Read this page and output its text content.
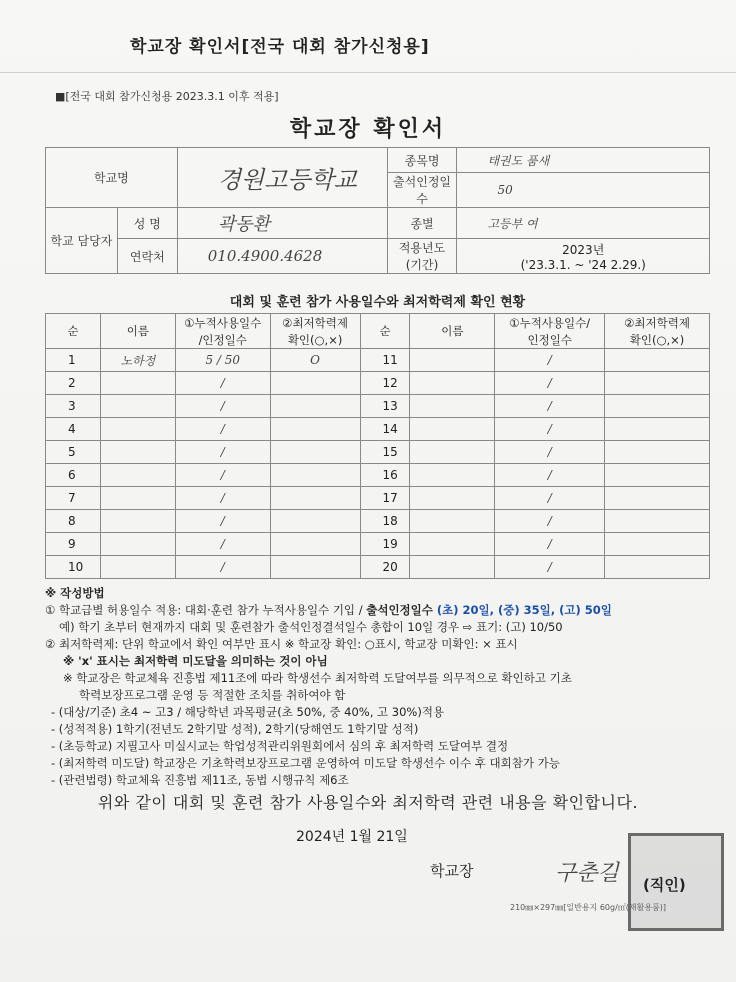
학교장 확인서[전국 대회 참가신청용]
■[전국 대회 참가신청용 2023.3.1 이후 적용]
학교장 확인서
학교명		경원고등학교	종목명	태권도 품새
			출석인정일수	50
학교 담당자	성 명	곽동환	종별	고등부 여
	연락처	010.4900.4628	적용년도 (기간)	2023년
('23.3.1. ~ '24 2.29.)
대회 및 훈련 참가 사용일수와 최저학력제 확인 현황
순	이름	①누적사용일수	②최저학력제	순	이름	①누적사용일수/	②최저학력제
		/인정일수	확인(○,×)			인정일수	확인(○,×)
1	노하정	5 / 50	O	11		/	
2		/		12		/	
3		/		13		/	
4		/		14		/	
5		/		15		/	
6		/		16		/	
7		/		17		/	
8		/		18		/	
9		/		19		/	
10		/		20		/	
※ 작성방법
① 학교급별 허용일수 적용: 대회·훈련 참가 누적사용일수 기입 / 출석인정일수 (초) 20일, (중) 35일, (고) 50일
예) 학기 초부터 현재까지 대회 및 훈련참가 출석인정결석일수 총합이 10일 경우 ⇨ 표기: (고) 10/50
② 최저학력제: 단위 학교에서 확인 여부만 표시 ※ 학교장 확인: ○표시, 학교장 미확인: × 표시
※ 'x' 표시는 최저학력 미도달을 의미하는 것이 아님
※ 학교장은 학교체육 진흥법 제11조에 따라 학생선수 최저학력 도달여부를 의무적으로 확인하고 기초
학력보장프로그램 운영 등 적절한 조치를 취하여야 함
- (대상/기준) 초4 ~ 고3 / 해당학년 과목평균(초 50%, 중 40%, 고 30%)적용
- (성적적용) 1학기(전년도 2학기말 성적), 2학기(당해연도 1학기말 성적)
- (초등학교) 지필고사 미실시교는 학업성적관리위원회에서 심의 후 최저학력 도달여부 결정
- (최저학력 미도달) 학교장은 기초학력보장프로그램 운영하여 미도달 학생선수 이수 후 대회참가 가능
- (관련법령) 학교체육 진흥법 제11조, 동법 시행규칙 제6조
위와 같이 대회 및 훈련 참가 사용일수와 최저학력 관련 내용을 확인합니다.
2024년 1월 21일
학교장	구춘길 (직인)
210㎜×297㎜[일반용지 60g/㎡(재활용품)]
